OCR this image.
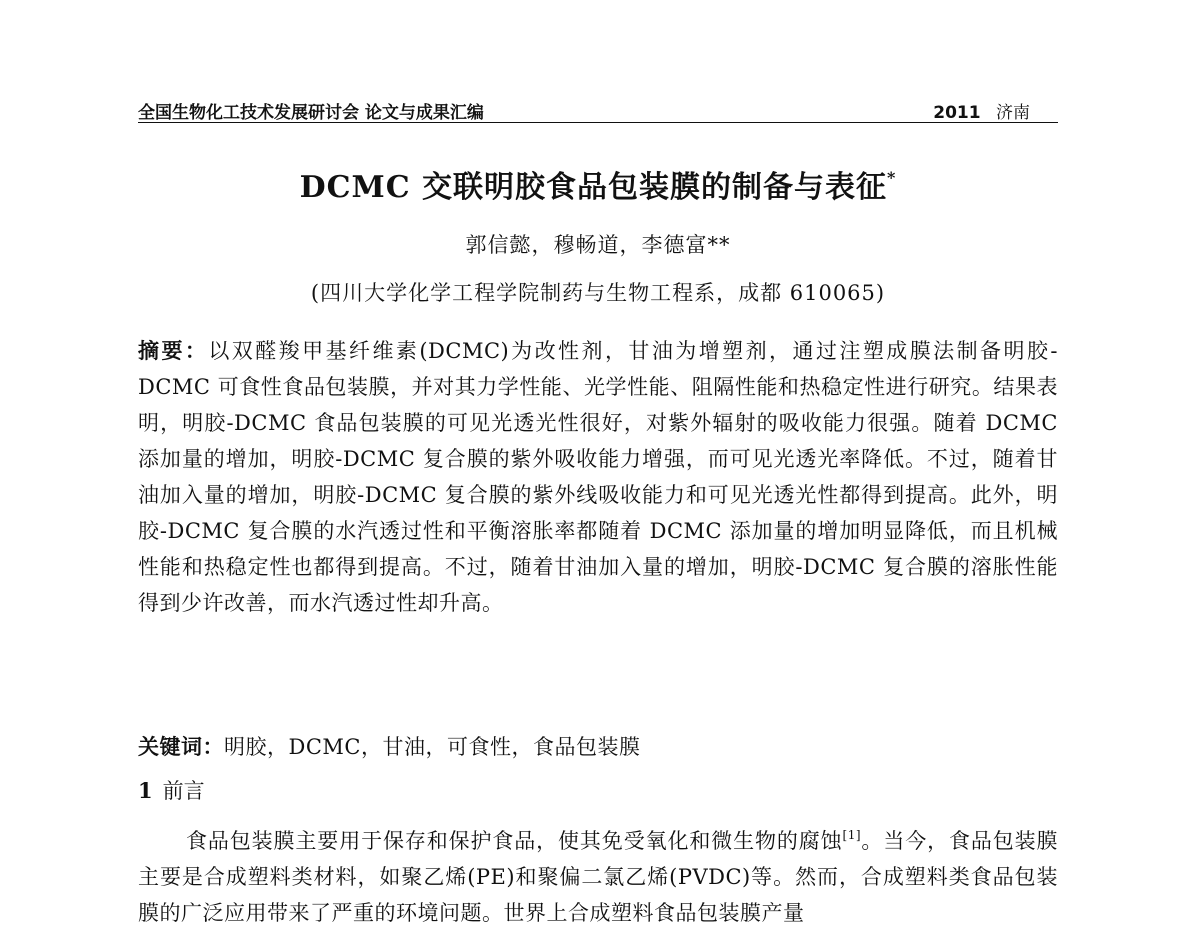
全国生物化工技术发展研讨会 论文与成果汇编	2011 济南
DCMC 交联明胶食品包装膜的制备与表征*
郭信懿，穆畅道，李德富**
(四川大学化学工程学院制药与生物工程系，成都 610065)
摘要：以双醛羧甲基纤维素(DCMC)为改性剂，甘油为增塑剂，通过注塑成膜法制备明胶-DCMC 可食性食品包装膜，并对其力学性能、光学性能、阻隔性能和热稳定性进行研究。结果表明，明胶-DCMC 食品包装膜的可见光透光性很好，对紫外辐射的吸收能力很强。随着 DCMC 添加量的增加，明胶-DCMC 复合膜的紫外吸收能力增强，而可见光透光率降低。不过，随着甘油加入量的增加，明胶-DCMC 复合膜的紫外线吸收能力和可见光透光性都得到提高。此外，明胶-DCMC 复合膜的水汽透过性和平衡溶胀率都随着 DCMC 添加量的增加明显降低，而且机械性能和热稳定性也都得到提高。不过，随着甘油加入量的增加，明胶-DCMC 复合膜的溶胀性能得到少许改善，而水汽透过性却升高。
关键词：明胶，DCMC，甘油，可食性，食品包装膜
1 前言
食品包装膜主要用于保存和保护食品，使其免受氧化和微生物的腐蚀[1]。当今，食品包装膜主要是合成塑料类材料，如聚乙烯(PE)和聚偏二氯乙烯(PVDC)等。然而，合成塑料类食品包装膜的广泛应用带来了严重的环境问题。世界上合成塑料食品包装膜产量
